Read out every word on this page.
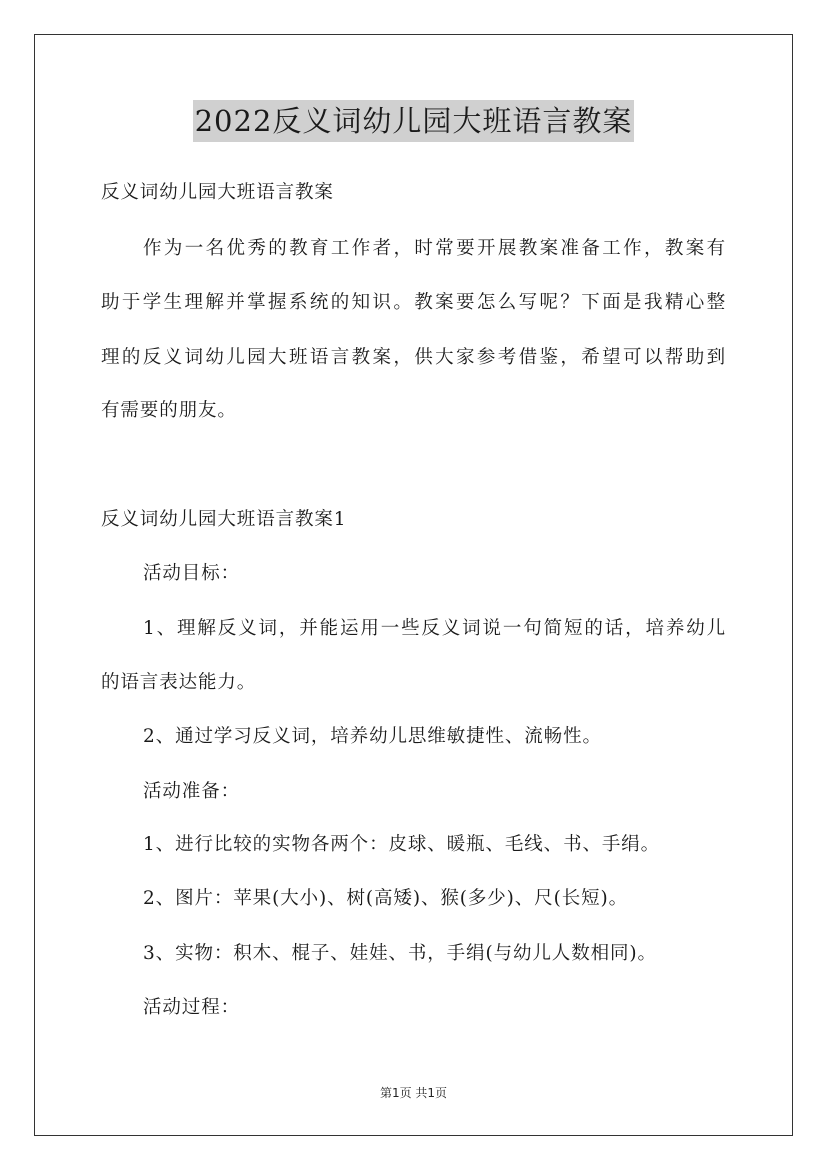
2022反义词幼儿园大班语言教案

反义词幼儿园大班语言教案

作为一名优秀的教育工作者，时常要开展教案准备工作，教案有

助于学生理解并掌握系统的知识。教案要怎么写呢？下面是我精心整

理的反义词幼儿园大班语言教案，供大家参考借鉴，希望可以帮助到

有需要的朋友。

反义词幼儿园大班语言教案1

活动目标：

1、理解反义词，并能运用一些反义词说一句简短的话，培养幼儿

的语言表达能力。

2、通过学习反义词，培养幼儿思维敏捷性、流畅性。

活动准备：

1、进行比较的实物各两个：皮球、暖瓶、毛线、书、手绢。

2、图片：苹果(大小)、树(高矮)、猴(多少)、尺(长短)。

3、实物：积木、棍子、娃娃、书，手绢(与幼儿人数相同)。

活动过程：

第1页 共1页
